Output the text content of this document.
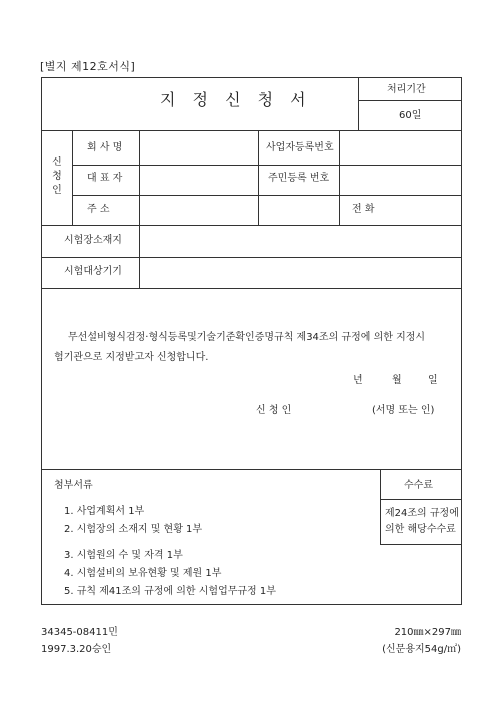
[별지 제12호서식]
지 정 신 청 서
처리기간
60일
신 청 인
회 사 명	사업자등록번호
대 표 자	주민등록 번호
주 소	전 화
시험장소재지
시험대상기기
무선설비형식검정·형식등록및기술기준확인증명규칙 제34조의 규정에 의한 지정시험기관으로 지정받고자 신청합니다.
년	월	일
신 청 인	(서명 또는 인)
첨부서류
1. 사업계획서 1부
2. 시험장의 소재지 및 현황 1부
3. 시험원의 수 및 자격 1부
4. 시험설비의 보유현황 및 제원 1부
5. 규칙 제41조의 규정에 의한 시험업무규정 1부
수수료
제24조의 규정에
의한 해당수수료
34345-08411민
1997.3.20승인
210㎜×297㎜
(신문용지54g/㎡)
